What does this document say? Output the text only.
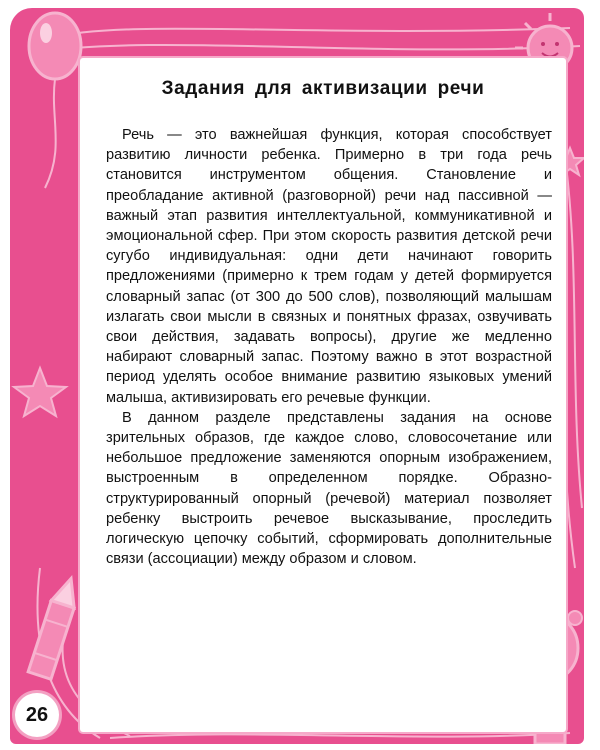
Задания для активизации речи

Речь — это важнейшая функция, которая способствует развитию личности ребенка. Примерно в три года речь становится инструментом общения. Становление и преобладание активной (разговорной) речи над пассивной — важный этап развития интеллектуальной, коммуникативной и эмоциональной сфер. При этом скорость развития детской речи сугубо индивидуальная: одни дети начинают говорить предложениями (примерно к трем годам у детей формируется словарный запас (от 300 до 500 слов), позволяющий малышам излагать свои мысли в связных и понятных фразах, озвучивать свои действия, задавать вопросы), другие же медленно набирают словарный запас. Поэтому важно в этот возрастной период уделять особое внимание развитию языковых умений малыша, активизировать его речевые функции.

В данном разделе представлены задания на основе зрительных образов, где каждое слово, словосочетание или небольшое предложение заменяются опорным изображением, выстроенным в определенном порядке. Образно-структурированный опорный (речевой) материал позволяет ребенку выстроить речевое высказывание, проследить логическую цепочку событий, сформировать дополнительные связи (ассоциации) между образом и словом.

26
